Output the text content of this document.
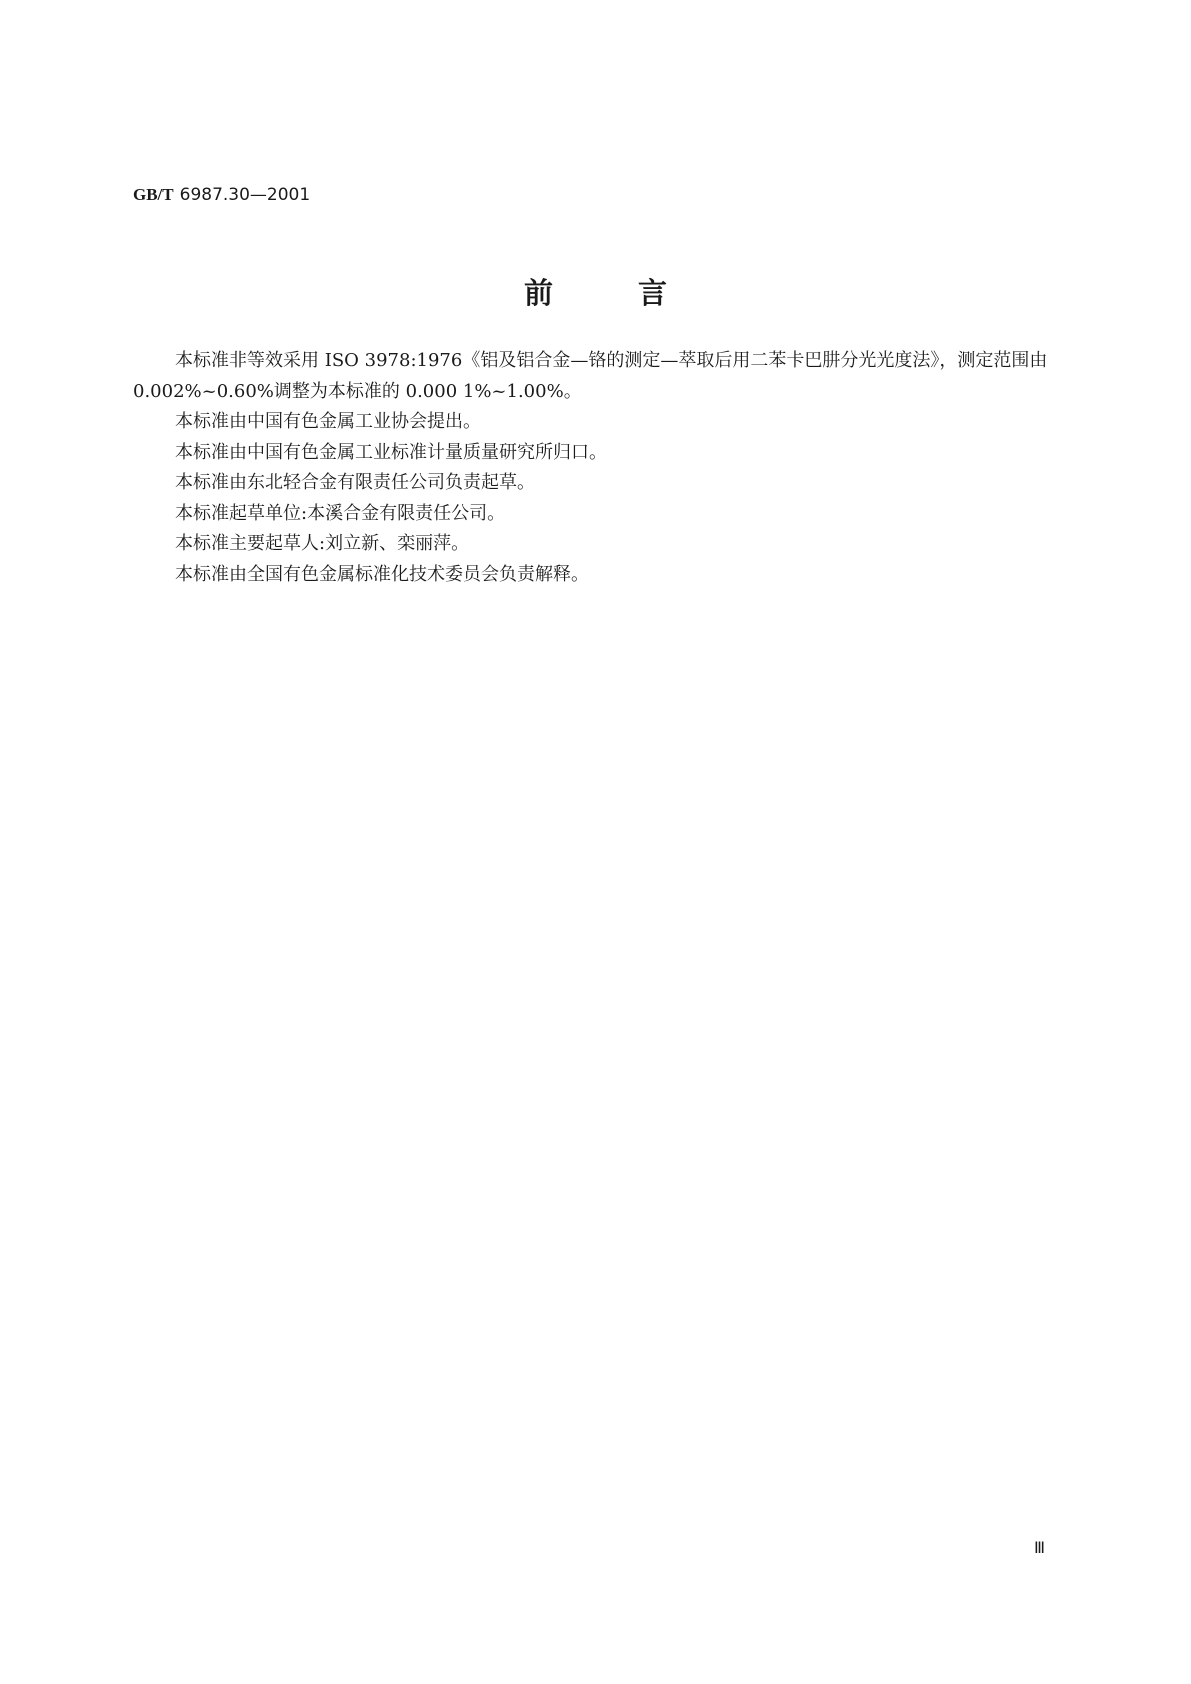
GB/T 6987.30—2001
前言

本标准非等效采用 ISO 3978:1976《铝及铝合金—铬的测定—萃取后用二苯卡巴肼分光光度法》，测定范围由 0.002%~0.60%调整为本标准的 0.000 1%~1.00%。

本标准由中国有色金属工业协会提出。

本标准由中国有色金属工业标准计量质量研究所归口。

本标准由东北轻合金有限责任公司负责起草。

本标准起草单位:本溪合金有限责任公司。

本标准主要起草人:刘立新、栾丽萍。

本标准由全国有色金属标准化技术委员会负责解释。

Ⅲ
